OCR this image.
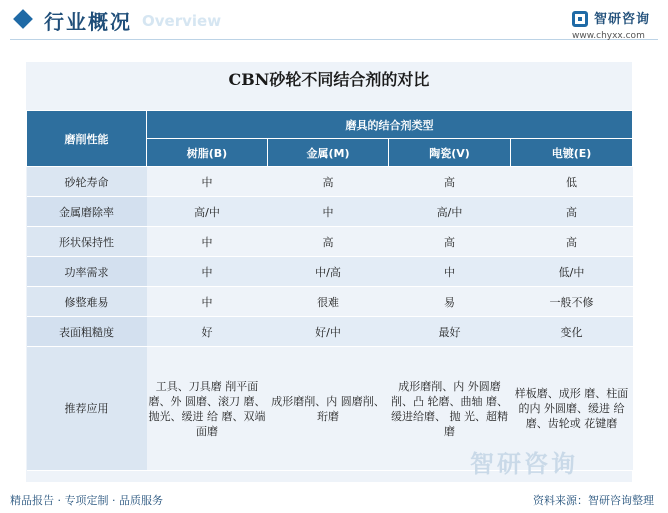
Overview
行业概况	智研咨询
www.chyxx.com
CBN砂轮不同结合剂的对比
磨削性能	磨具的结合剂类型			
	树脂(B)	金属(M)	陶瓷(V)	电镀(E)
砂轮寿命	中	高	高	低
金属磨除率	高/中	中	高/中	高
形状保持性	中	高	高	高
功率需求	中	中/高	中	低/中
修整难易	中	很难	易	一般不修
表面粗糙度	好	好/中	最好	变化
推荐应用	工具、刀具磨 削平面磨、外 圆磨、滚刀 磨、 抛光、缓进 给 磨、双端面磨	成形磨削、内 圆磨削、 珩磨	成形磨削、内 外圆磨削、凸 轮磨、曲轴 磨、 缓进给磨、 抛 光、超精磨	样板磨、成形 磨、柱面的内 外圆磨、缓进 给磨、齿轮或 花键磨
智研咨询
精品报告 · 专项定制 · 品质服务	资料来源：智研咨询整理
